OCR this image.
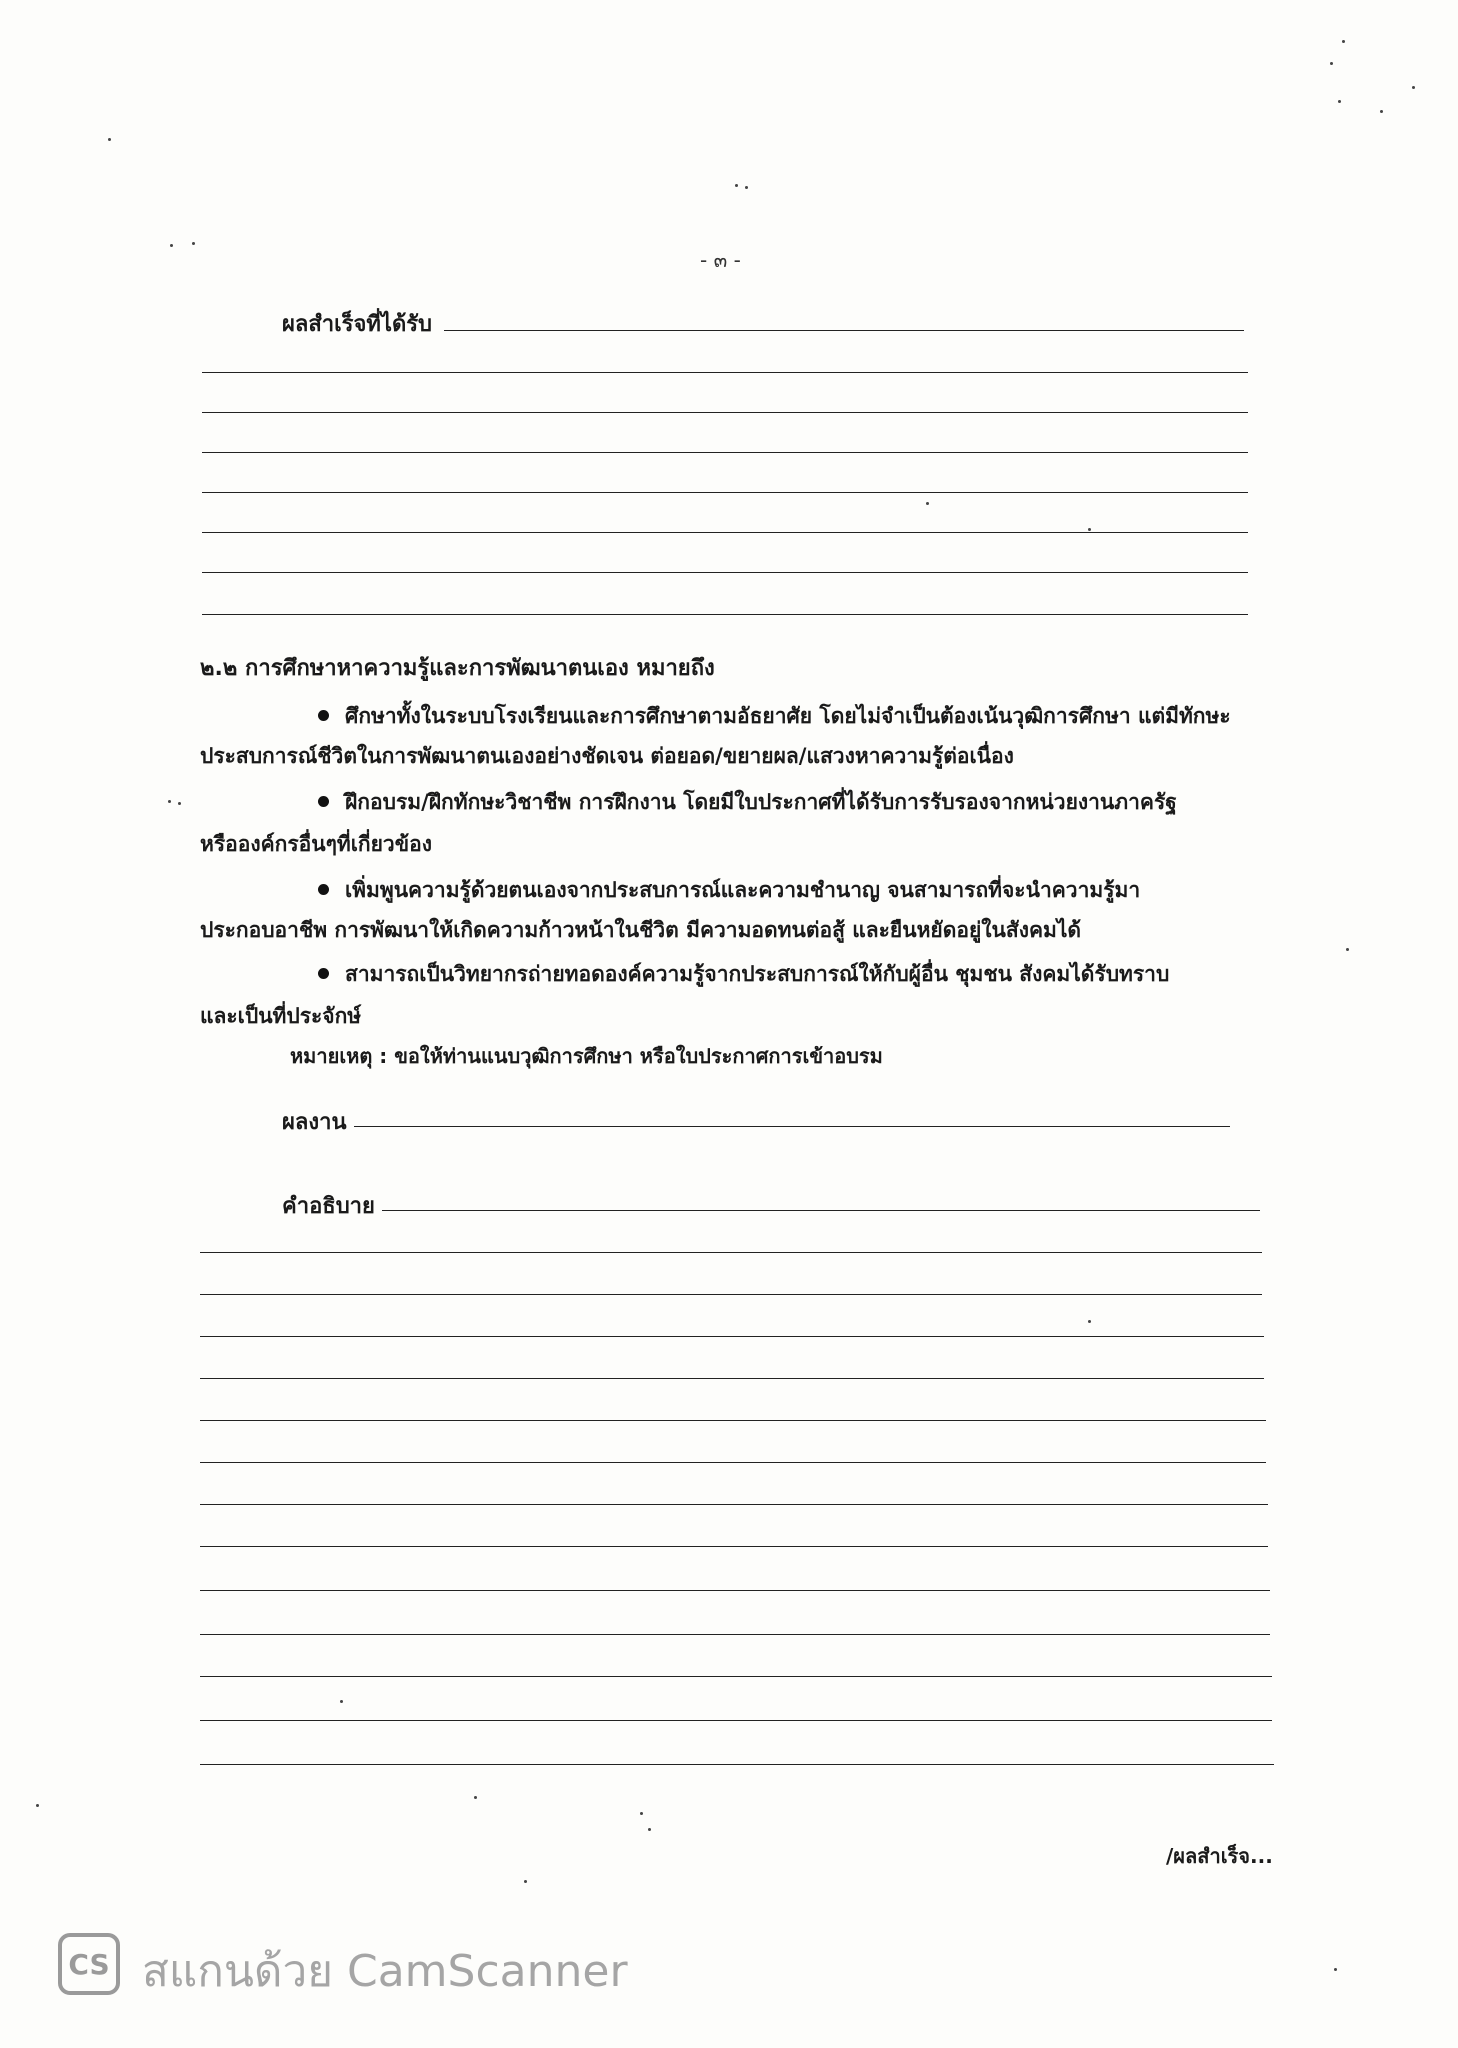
- ๓ -
ผลสำเร็จที่ได้รับ
๒.๒ การศึกษาหาความรู้และการพัฒนาตนเอง หมายถึง
ศึกษาทั้งในระบบโรงเรียนและการศึกษาตามอัธยาศัย โดยไม่จำเป็นต้องเน้นวุฒิการศึกษา แต่มีทักษะ
ประสบการณ์ชีวิตในการพัฒนาตนเองอย่างชัดเจน ต่อยอด/ขยายผล/แสวงหาความรู้ต่อเนื่อง
ฝึกอบรม/ฝึกทักษะวิชาชีพ การฝึกงาน โดยมีใบประกาศที่ได้รับการรับรองจากหน่วยงานภาครัฐ
หรือองค์กรอื่นๆที่เกี่ยวข้อง
เพิ่มพูนความรู้ด้วยตนเองจากประสบการณ์และความชำนาญ จนสามารถที่จะนำความรู้มา
ประกอบอาชีพ การพัฒนาให้เกิดความก้าวหน้าในชีวิต มีความอดทนต่อสู้ และยืนหยัดอยู่ในสังคมได้
สามารถเป็นวิทยากรถ่ายทอดองค์ความรู้จากประสบการณ์ให้กับผู้อื่น ชุมชน สังคมได้รับทราบ
และเป็นที่ประจักษ์
หมายเหตุ : ขอให้ท่านแนบวุฒิการศึกษา หรือใบประกาศการเข้าอบรม
ผลงาน
คำอธิบาย
/ผลสำเร็จ...
CS สแกนด้วย CamScanner
